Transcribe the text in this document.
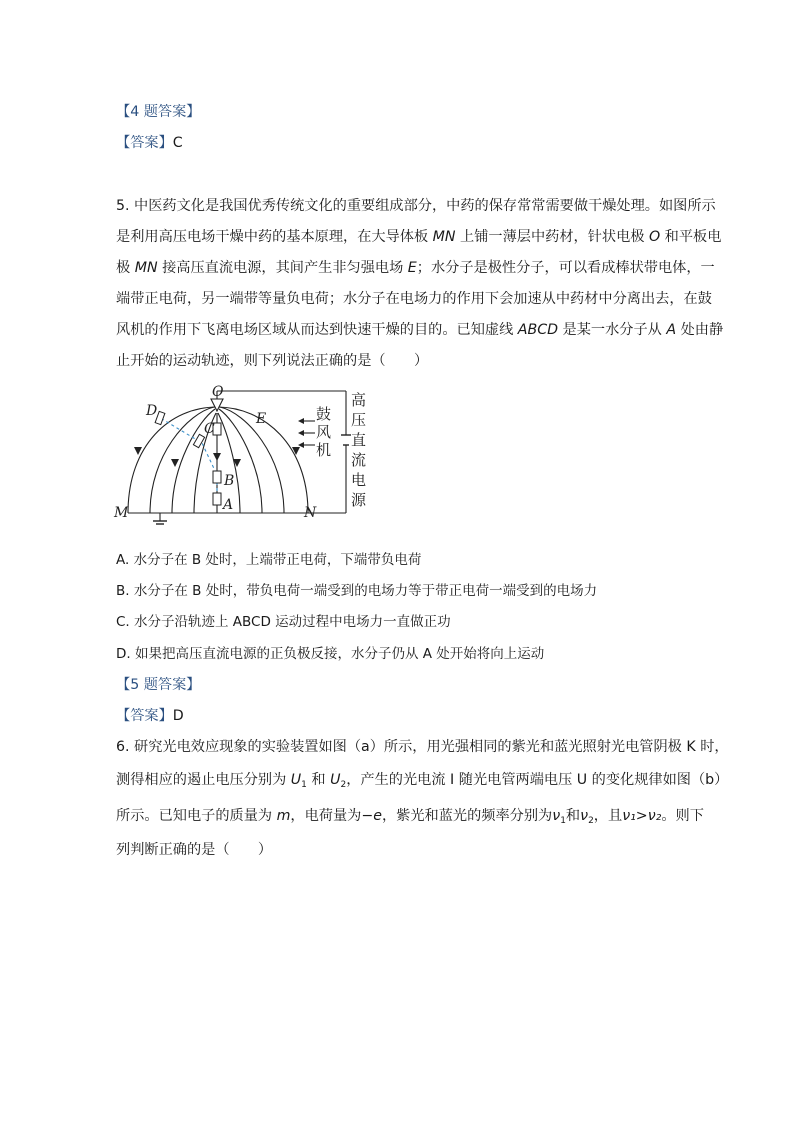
【4 题答案】
【答案】C
5. 中医药文化是我国优秀传统文化的重要组成部分，中药的保存常常需要做干燥处理。如图所示
是利用高压电场干燥中药的基本原理，在大导体板 MN 上铺一薄层中药材，针状电极 O 和平板电
极 MN 接高压直流电源，其间产生非匀强电场 E；水分子是极性分子，可以看成棒状带电体，一
端带正电荷，另一端带等量负电荷；水分子在电场力的作用下会加速从中药材中分离出去，在鼓
风机的作用下飞离电场区域从而达到快速干燥的目的。已知虚线 ABCD 是某一水分子从 A 处由静
止开始的运动轨迹，则下列说法正确的是（　　）
O
D
C
B
A
E
M	N
鼓
风
机
高
压
直
流
电
源
A. 水分子在 B 处时，上端带正电荷，下端带负电荷
B. 水分子在 B 处时，带负电荷一端受到的电场力等于带正电荷一端受到的电场力
C. 水分子沿轨迹上 ABCD 运动过程中电场力一直做正功
D. 如果把高压直流电源的正负极反接，水分子仍从 A 处开始将向上运动
【5 题答案】
【答案】D
6. 研究光电效应现象的实验装置如图（a）所示，用光强相同的紫光和蓝光照射光电管阴极 K 时，
测得相应的遏止电压分别为 $U_1$ 和 $U_2$，产生的光电流 I 随光电管两端电压 U 的变化规律如图（b）
所示。已知电子的质量为 m，电荷量为−e，紫光和蓝光的频率分别为$\nu_1$和$\nu_2$，且ν₁>ν₂。则下
列判断正确的是（　　）
